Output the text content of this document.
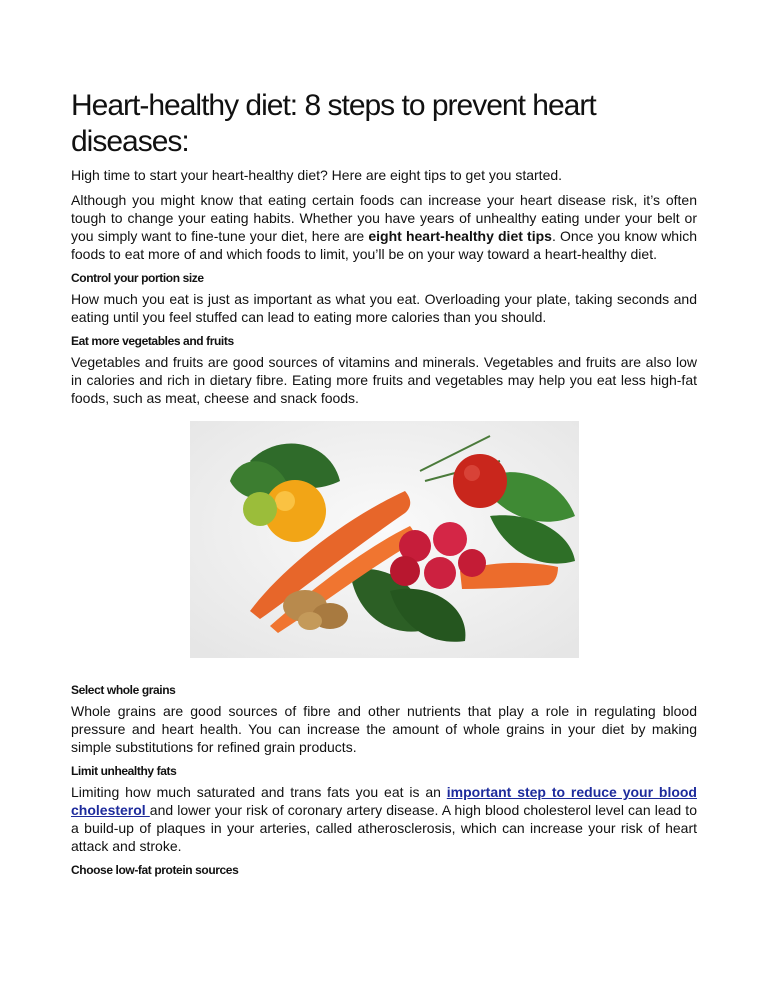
Heart-healthy diet: 8 steps to prevent heart diseases:

High time to start your heart-healthy diet? Here are eight tips to get you started.

Although you might know that eating certain foods can increase your heart disease risk, it’s often tough to change your eating habits. Whether you have years of unhealthy eating under your belt or you simply want to fine-tune your diet, here are eight heart-healthy diet tips. Once you know which foods to eat more of and which foods to limit, you’ll be on your way toward a heart-healthy diet.

Control your portion size

How much you eat is just as important as what you eat. Overloading your plate, taking seconds and eating until you feel stuffed can lead to eating more calories than you should.

Eat more vegetables and fruits

Vegetables and fruits are good sources of vitamins and minerals. Vegetables and fruits are also low in calories and rich in dietary fibre. Eating more fruits and vegetables may help you eat less high-fat foods, such as meat, cheese and snack foods.

Select whole grains

Whole grains are good sources of fibre and other nutrients that play a role in regulating blood pressure and heart health. You can increase the amount of whole grains in your diet by making simple substitutions for refined grain products.

Limit unhealthy fats

Limiting how much saturated and trans fats you eat is an important step to reduce your blood cholesterol and lower your risk of coronary artery disease. A high blood cholesterol level can lead to a build-up of plaques in your arteries, called atherosclerosis, which can increase your risk of heart attack and stroke.

Choose low-fat protein sources
